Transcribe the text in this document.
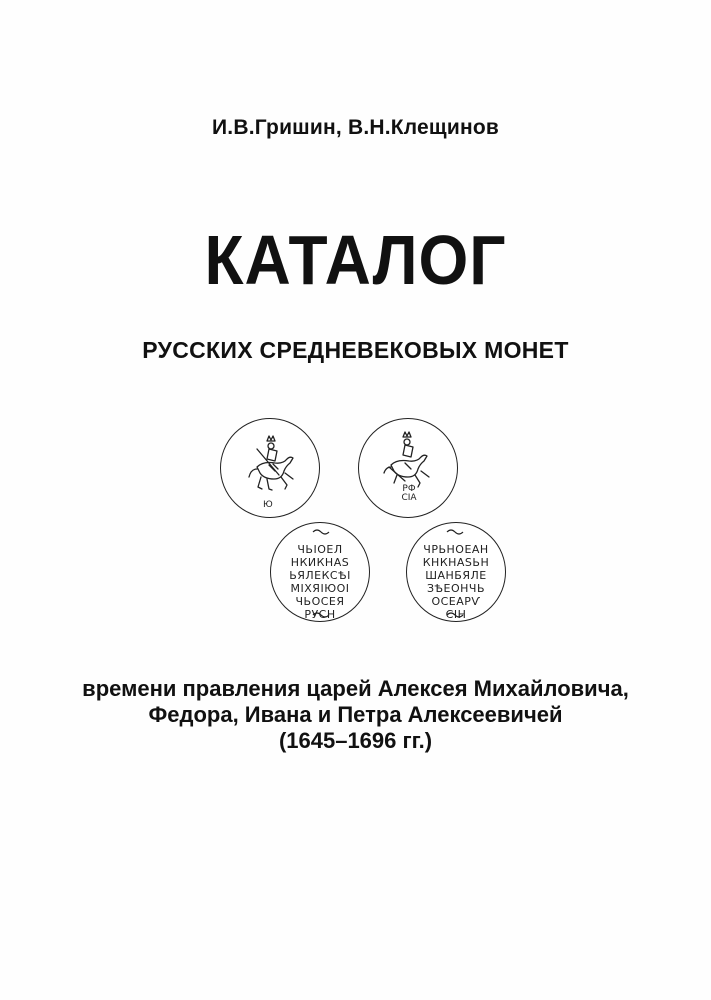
И.В.Гришин, В.Н.Клещинов
КАТАЛОГ
РУССКИХ СРЕДНЕВЕКОВЫХ МОНЕТ
Ю
РФ
СІА
ЧЬІОЕЛ
НКИКНАS
ЬЯЛЕКСѢІ
МІХЯІЮОІ
ЧЬОСЕЯ
РУСН
ЧРЬНОЕАН
КНКНАSЬН
ШАНБЯЛЕ
ЗѢЕОНЧЬ
ОСЕАРѴ
СІН
времени правления царей Алексея Михайловича,
Федора, Ивана и Петра Алексеевичей
(1645–1696 гг.)
